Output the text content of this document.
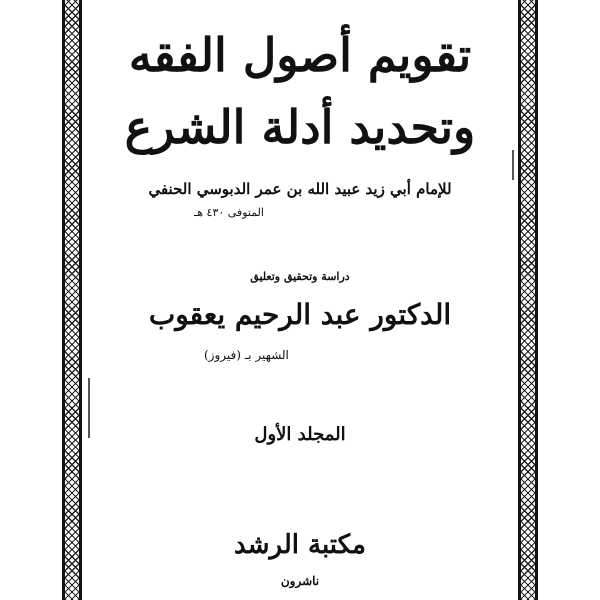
تقويم أصول الفقه
وتحديد أدلة الشرع
للإمام أبي زيد عبيد الله بن عمر الدبوسي الحنفي
المتوفى ٤٣٠ هـ
دراسة وتحقيق وتعليق
الدكتور عبد الرحيم يعقوب
الشهير بـ (فيروز)
المجلد الأول
مكتبة الرشد
ناشرون
